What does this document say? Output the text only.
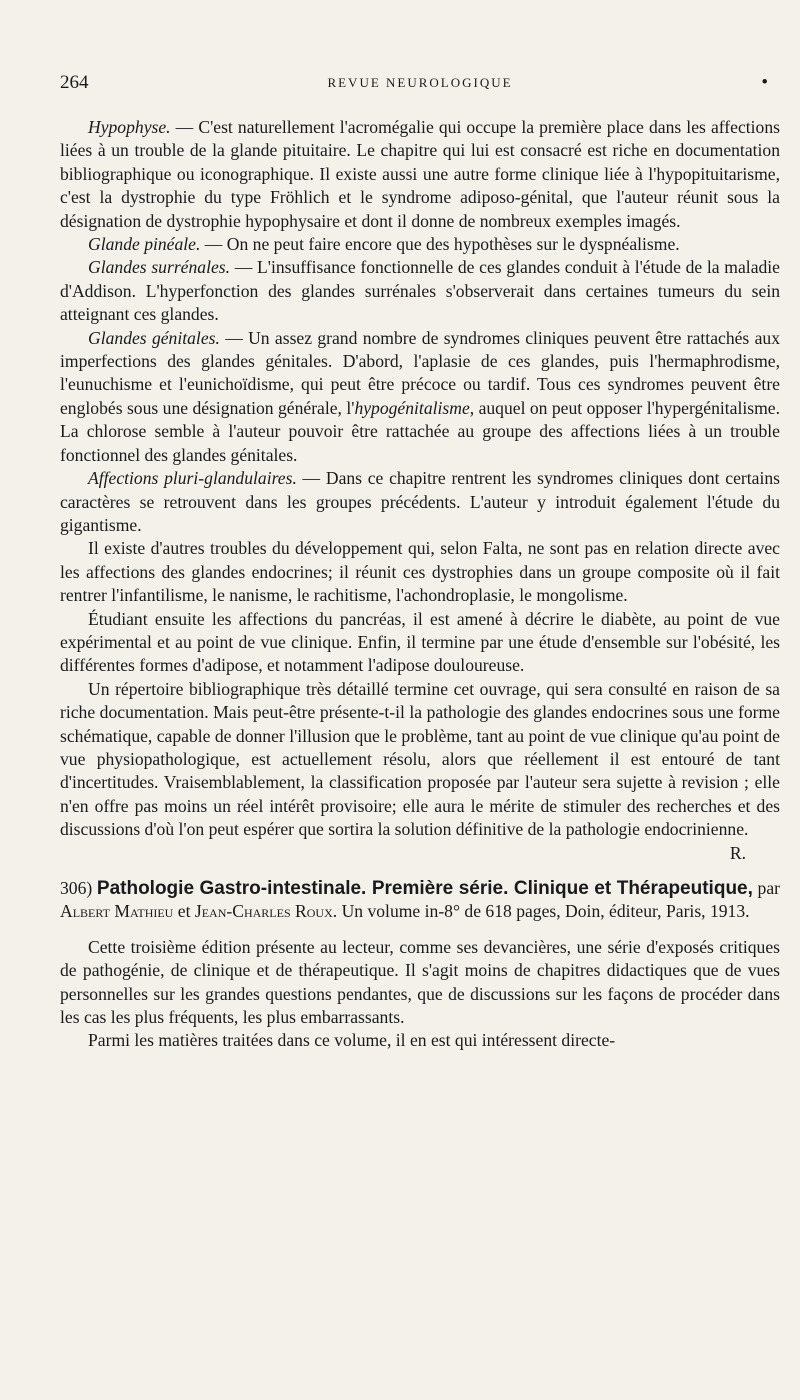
264	REVUE NEUROLOGIQUE	•

Hypophyse. — C'est naturellement l'acromégalie qui occupe la première place dans les affections liées à un trouble de la glande pituitaire. Le chapitre qui lui est consacré est riche en documentation bibliographique ou iconographique. Il existe aussi une autre forme clinique liée à l'hypopituitarisme, c'est la dystrophie du type Fröhlich et le syndrome adiposo-génital, que l'auteur réunit sous la désignation de dystrophie hypophysaire et dont il donne de nombreux exemples imagés.

Glande pinéale. — On ne peut faire encore que des hypothèses sur le dyspnéalisme.

Glandes surrénales. — L'insuffisance fonctionnelle de ces glandes conduit à l'étude de la maladie d'Addison. L'hyperfonction des glandes surrénales s'observerait dans certaines tumeurs du sein atteignant ces glandes.

Glandes génitales. — Un assez grand nombre de syndromes cliniques peuvent être rattachés aux imperfections des glandes génitales. D'abord, l'aplasie de ces glandes, puis l'hermaphrodisme, l'eunuchisme et l'eunichoïdisme, qui peut être précoce ou tardif. Tous ces syndromes peuvent être englobés sous une désignation générale, l'hypogénitalisme, auquel on peut opposer l'hypergénitalisme. La chlorose semble à l'auteur pouvoir être rattachée au groupe des affections liées à un trouble fonctionnel des glandes génitales.

Affections pluri-glandulaires. — Dans ce chapitre rentrent les syndromes cliniques dont certains caractères se retrouvent dans les groupes précédents. L'auteur y introduit également l'étude du gigantisme.

Il existe d'autres troubles du développement qui, selon Falta, ne sont pas en relation directe avec les affections des glandes endocrines; il réunit ces dystrophies dans un groupe composite où il fait rentrer l'infantilisme, le nanisme, le rachitisme, l'achondroplasie, le mongolisme.

Étudiant ensuite les affections du pancréas, il est amené à décrire le diabète, au point de vue expérimental et au point de vue clinique. Enfin, il termine par une étude d'ensemble sur l'obésité, les différentes formes d'adipose, et notamment l'adipose douloureuse.

Un répertoire bibliographique très détaillé termine cet ouvrage, qui sera consulté en raison de sa riche documentation. Mais peut-être présente-t-il la pathologie des glandes endocrines sous une forme schématique, capable de donner l'illusion que le problème, tant au point de vue clinique qu'au point de vue physiopathologique, est actuellement résolu, alors que réellement il est entouré de tant d'incertitudes. Vraisemblablement, la classification proposée par l'auteur sera sujette à revision ; elle n'en offre pas moins un réel intérêt provisoire; elle aura le mérite de stimuler des recherches et des discussions d'où l'on peut espérer que sortira la solution définitive de la pathologie endocrinienne.

R.
306) Pathologie Gastro-intestinale. Première série. Clinique et Thérapeutique, par Albert Mathieu et Jean-Charles Roux. Un volume in-8° de 618 pages, Doin, éditeur, Paris, 1913.

Cette troisième édition présente au lecteur, comme ses devancières, une série d'exposés critiques de pathogénie, de clinique et de thérapeutique. Il s'agit moins de chapitres didactiques que de vues personnelles sur les grandes questions pendantes, que de discussions sur les façons de procéder dans les cas les plus fréquents, les plus embarrassants.

Parmi les matières traitées dans ce volume, il en est qui intéressent directe-
